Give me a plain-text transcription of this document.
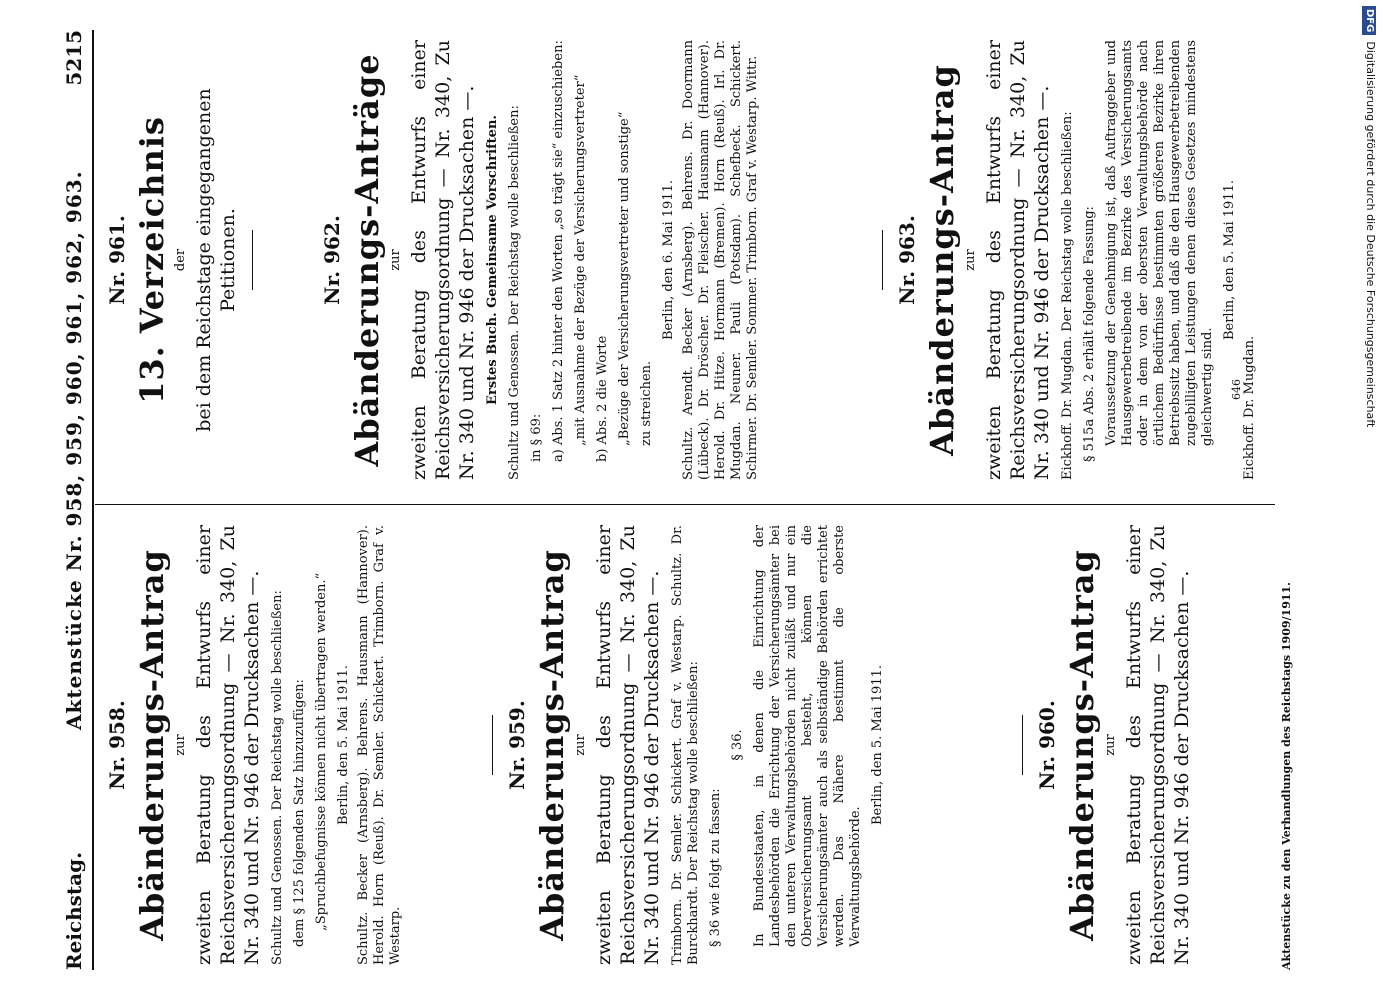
Reichstag.
Aktenstücke Nr. 958, 959, 960, 961, 962, 963.
5215

Nr. 958. Abänderungs-Antrag zur zweiten Beratung des Entwurfs einer Reichsversicherungsordnung — Nr. 340, Zu Nr. 340 und Nr. 946 der Drucksachen —. Schultz und Genossen. Der Reichstag wolle beschließen: dem § 125 folgenden Satz hinzuzufügen: „Spruchbefugnisse können nicht übertragen werden.“ Berlin, den 5. Mai 1911. Schultz. Becker (Arnsberg). Behrens. Hausmann (Hannover). Herold. Horn (Reuß). Dr. Semler. Schickert. Trimborn. Graf v. Westarp.

Nr. 959. Abänderungs-Antrag zur zweiten Beratung des Entwurfs einer Reichsversicherungsordnung — Nr. 340, Zu Nr. 340 und Nr. 946 der Drucksachen —. Trimborn. Dr. Semler. Schickert. Graf v. Westarp. Schultz. Dr. Burckhardt. Der Reichstag wolle beschließen: § 36 wie folgt zu fassen:

§ 36. In Bundesstaaten, in denen die Einrichtung der Landesbehörden die Errichtung der Versicherungsämter bei den unteren Verwaltungsbehörden nicht zuläßt und nur ein Oberversicherungsamt besteht, können die Versicherungsämter auch als selbständige Behörden errichtet werden. Das Nähere bestimmt die oberste Verwaltungsbehörde.

Berlin, den 5. Mai 1911.	Nr. 960. Abänderungs-Antrag zur zweiten Beratung des Entwurfs einer Reichsversicherungsordnung — Nr. 340, Zu Nr. 340 und Nr. 946 der Drucksachen —.

Nr. 961. 13. Verzeichnis der bei dem Reichstage eingegangenen Petitionen.	Nr. 962. Abänderungs-Anträge zur zweiten Beratung des Entwurfs einer Reichsversicherungsordnung — Nr. 340, Zu Nr. 340 und Nr. 946 der Drucksachen —. Erstes Buch. Gemeinsame Vorschriften. Schultz und Genossen. Der Reichstag wolle beschließen: in § 69: a) Abs. 1 Satz 2 hinter den Worten „so trägt sie“ einzuschieben: „mit Ausnahme der Bezüge der Versicherungsvertreter“ b) Abs. 2 die Worte „Bezüge der Versicherungsvertreter und sonstige“ zu streichen.

Berlin, den 6. Mai 1911. Schultz. Arendt. Becker (Arnsberg). Behrens. Dr. Doormann (Lübeck). Dr. Dröscher. Dr. Fleischer. Hausmann (Hannover). Herold. Dr. Hitze. Hormann (Bremen). Horn (Reuß). Irl. Dr. Mugdan. Neuner. Pauli (Potsdam). Schefbeck. Schickert. Schirmer. Dr. Semler. Sommer. Trimborn. Graf v. Westarp. Wittr.	Nr. 963. Abänderungs-Antrag zur zweiten Beratung des Entwurfs einer Reichsversicherungsordnung — Nr. 340, Zu Nr. 340 und Nr. 946 der Drucksachen —. Eickhoff. Dr. Mugdan. Der Reichstag wolle beschließen: § 515a Abs. 2 erhält folgende Fassung: Voraussetzung der Genehmigung ist, daß Auftraggeber und Hausgewerbetreibende im Bezirke des Versicherungsamts oder in dem von der obersten Verwaltungsbehörde nach örtlichem Bedürfnisse bestimmten größeren Bezirke ihren Betriebssitz haben, und daß die den Hausgewerbetreibenden zugebilligten Leistungen denen dieses Gesetzes mindestens gleichwertig sind.

Berlin, den 5. Mai 1911.

Eickhoff. Dr. Mugdan.

Aktenstücke zu den Verhandlungen des Reichstags 1909/1911.
646
DFGDigitalisierung gefördert durch die Deutsche Forschungsgemeinschaft
